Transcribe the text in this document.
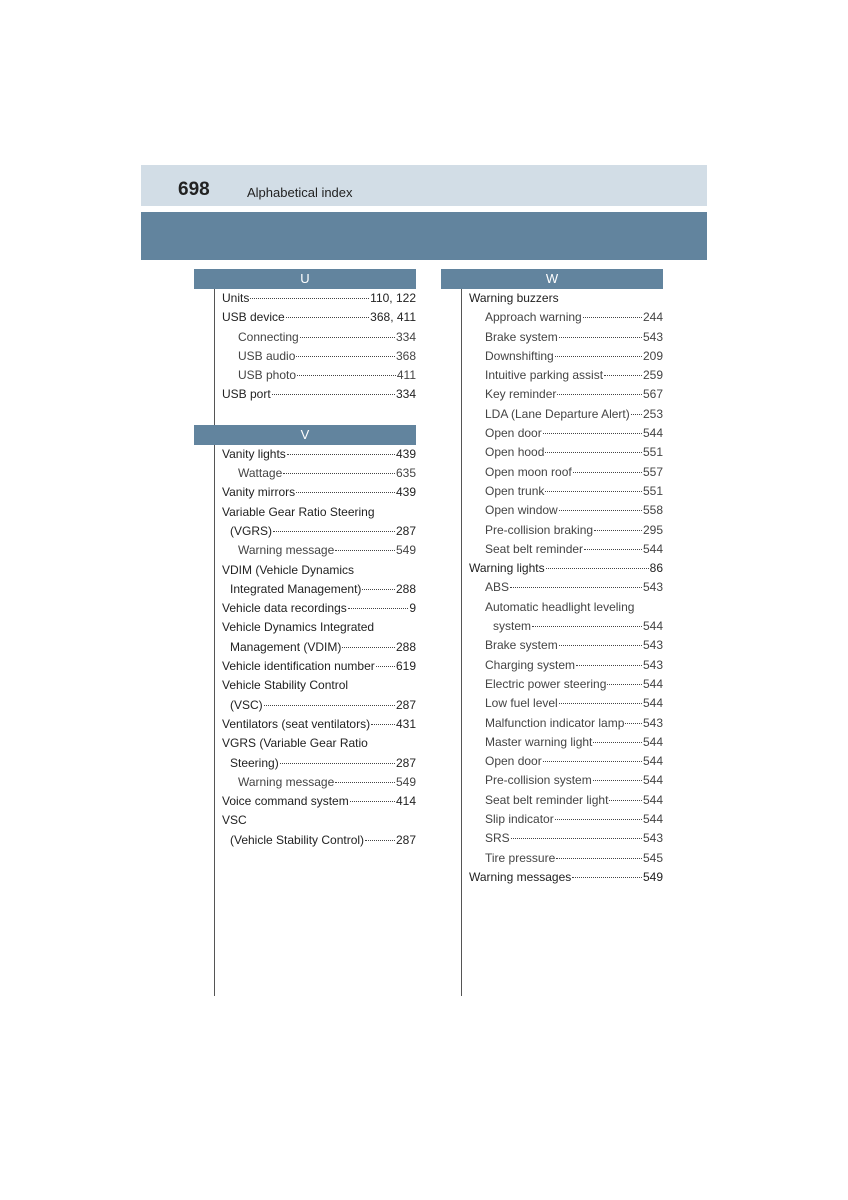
698	Alphabetical index
U
Units	110, 122
USB device	368, 411
Connecting	334
USB audio	368
USB photo	411
USB port	334
V
Vanity lights	439
Wattage	635
Vanity mirrors	439
Variable Gear Ratio Steering
(VGRS)	287
Warning message	549
VDIM (Vehicle Dynamics
Integrated Management)	288
Vehicle data recordings	9
Vehicle Dynamics Integrated
Management (VDIM)	288
Vehicle identification number 619
Vehicle Stability Control
(VSC)	287
Ventilators (seat ventilators) 431
VGRS (Variable Gear Ratio
Steering)	287
Warning message	549
Voice command system	414
VSC
(Vehicle Stability Control)	287
W
Warning buzzers
Approach warning	244
Brake system	543
Downshifting	209
Intuitive parking assist	259
Key reminder	567
LDA (Lane Departure Alert) 253
Open door	544
Open hood	551
Open moon roof	557
Open trunk	551
Open window	558
Pre-collision braking	295
Seat belt reminder	544
Warning lights	86
ABS	543
Automatic headlight leveling
system	544
Brake system	543
Charging system	543
Electric power steering	544
Low fuel level	544
Malfunction indicator lamp 543
Master warning light	544
Open door	544
Pre-collision system	544
Seat belt reminder light	544
Slip indicator	544
SRS	543
Tire pressure	545
Warning messages	549
